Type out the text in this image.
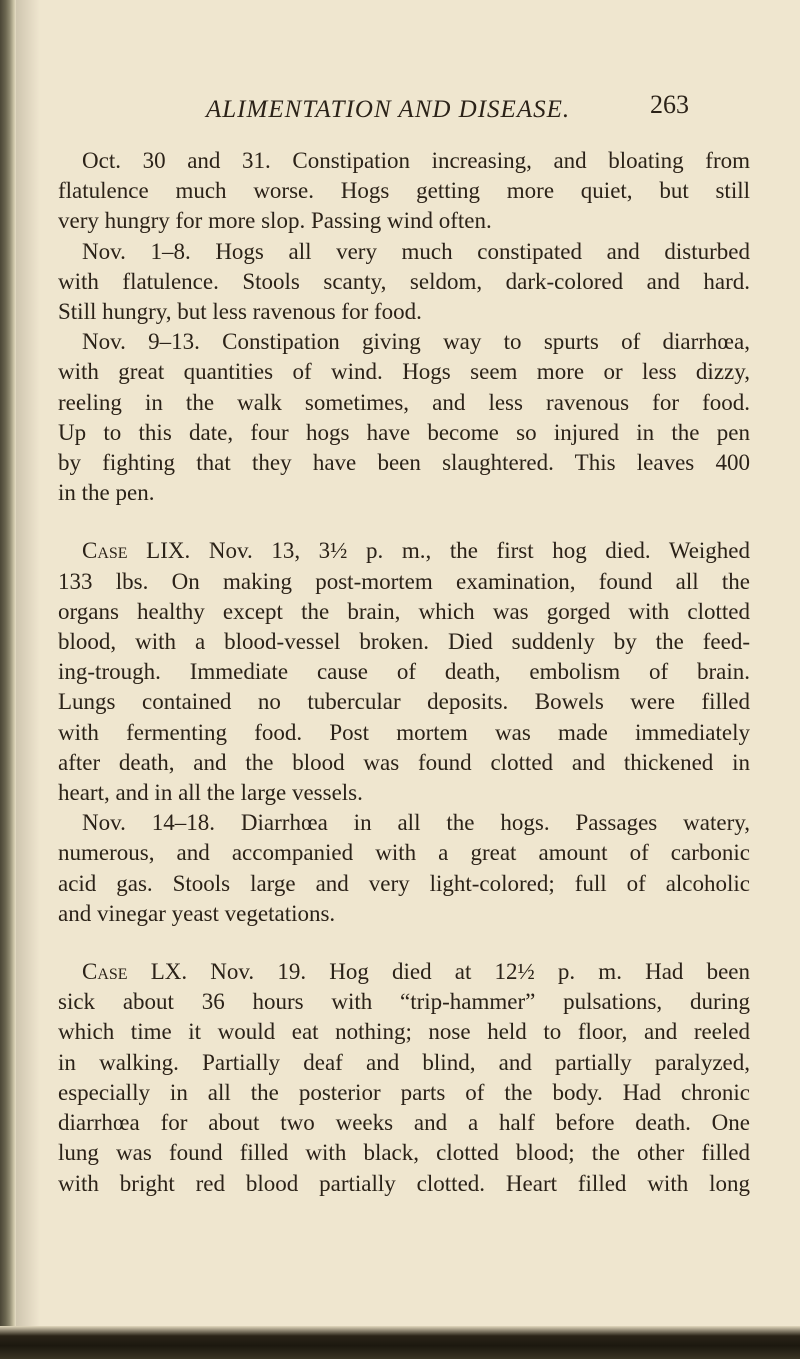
ALIMENTATION AND DISEASE.	263
Oct. 30 and 31. Constipation increasing, and bloating from
flatulence much worse. Hogs getting more quiet, but still
very hungry for more slop. Passing wind often.
Nov. 1–8. Hogs all very much constipated and disturbed
with flatulence. Stools scanty, seldom, dark-colored and hard.
Still hungry, but less ravenous for food.
Nov. 9–13. Constipation giving way to spurts of diarrhœa,
with great quantities of wind. Hogs seem more or less dizzy,
reeling in the walk sometimes, and less ravenous for food.
Up to this date, four hogs have become so injured in the pen
by fighting that they have been slaughtered. This leaves 400
in the pen.
Case LIX. Nov. 13, 3½ p. m., the first hog died. Weighed
133 lbs. On making post-mortem examination, found all the
organs healthy except the brain, which was gorged with clotted
blood, with a blood-vessel broken. Died suddenly by the feed-
ing-trough. Immediate cause of death, embolism of brain.
Lungs contained no tubercular deposits. Bowels were filled
with fermenting food. Post mortem was made immediately
after death, and the blood was found clotted and thickened in
heart, and in all the large vessels.
Nov. 14–18. Diarrhœa in all the hogs. Passages watery,
numerous, and accompanied with a great amount of carbonic
acid gas. Stools large and very light-colored; full of alcoholic
and vinegar yeast vegetations.
Case LX. Nov. 19. Hog died at 12½ p. m. Had been
sick about 36 hours with “trip-hammer” pulsations, during
which time it would eat nothing; nose held to floor, and reeled
in walking. Partially deaf and blind, and partially paralyzed,
especially in all the posterior parts of the body. Had chronic
diarrhœa for about two weeks and a half before death. One
lung was found filled with black, clotted blood; the other filled
with bright red blood partially clotted. Heart filled with long
